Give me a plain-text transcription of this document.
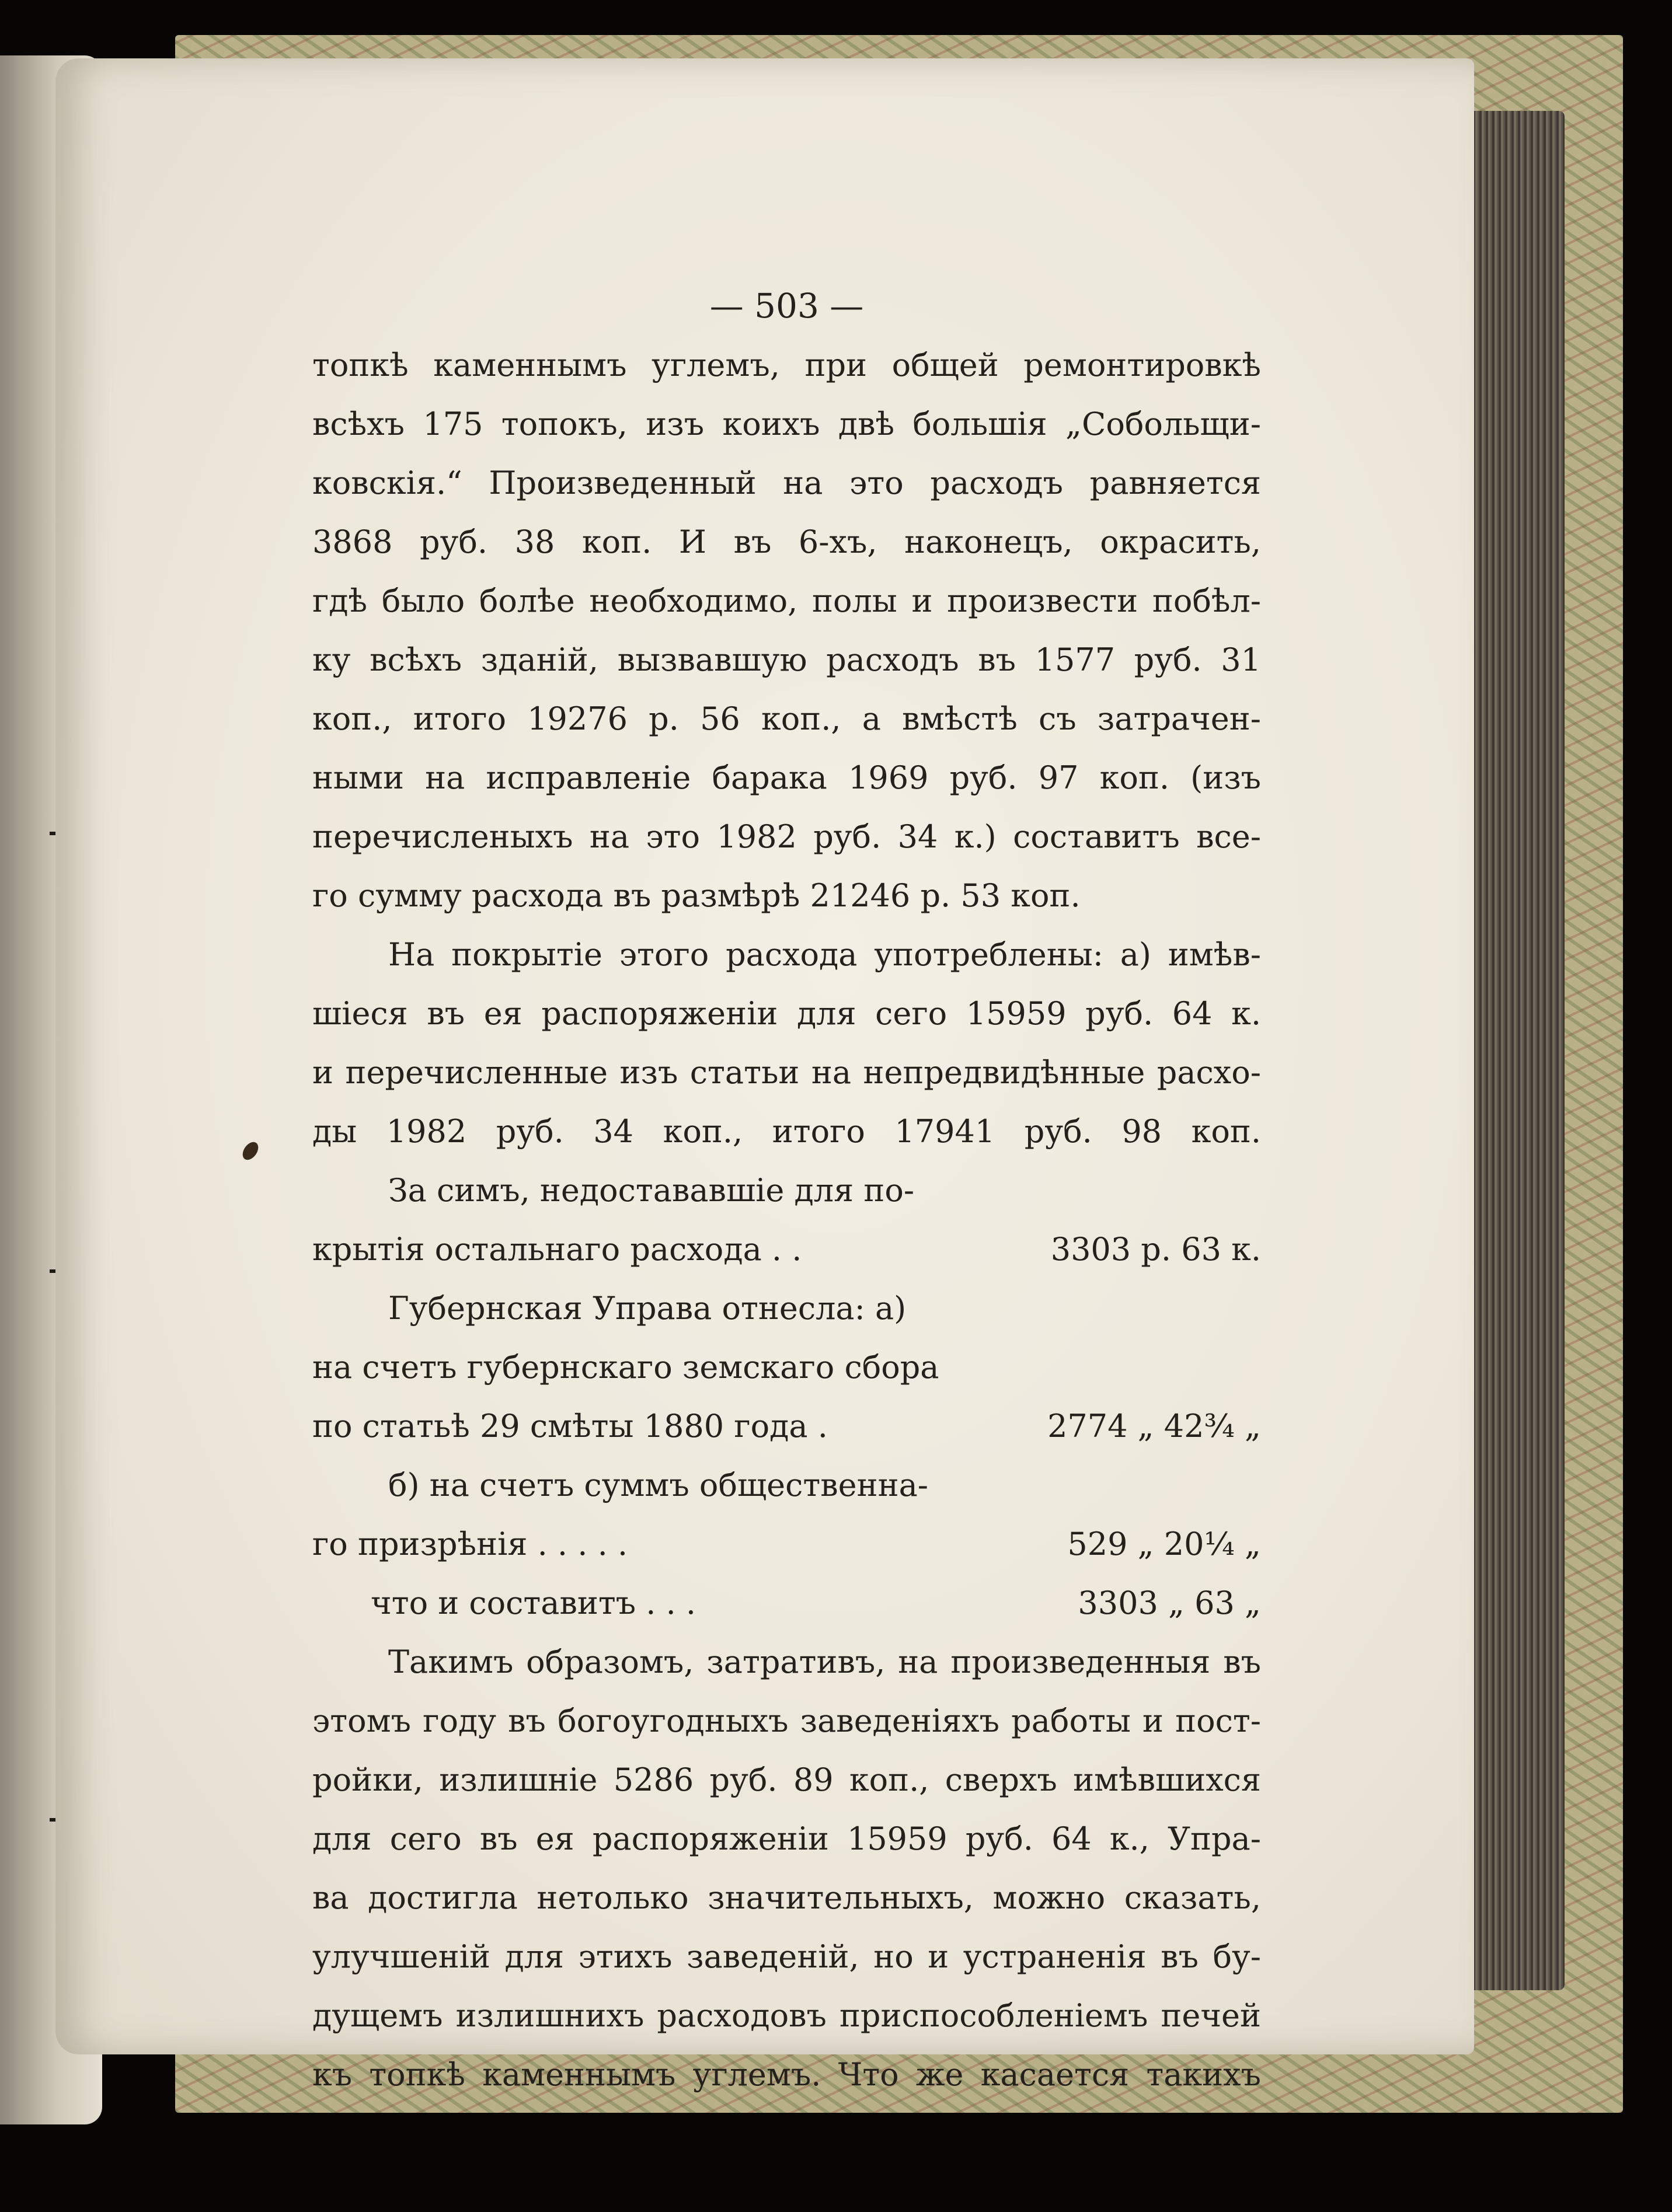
— 503 —
топкѣ каменнымъ углемъ, при общей ремонтировкѣ
всѣхъ 175 топокъ, изъ коихъ двѣ большія „Собольщи-
ковскія.“ Произведенный на это расходъ равняется
3868 руб. 38 коп. И въ 6-хъ, наконецъ, окрасить,
гдѣ было болѣе необходимо, полы и произвести побѣл-
ку всѣхъ зданій, вызвавшую расходъ въ 1577 руб. 31
коп., итого 19276 р. 56 коп., а вмѣстѣ съ затрачен-
ными на исправленіе барака 1969 руб. 97 коп. (изъ
перечисленыхъ на это 1982 руб. 34 к.) составитъ все-
го сумму расхода въ размѣрѣ 21246 р. 53 коп.
На покрытіе этого расхода употреблены: а) имѣв-
шіеся въ ея распоряженіи для сего 15959 руб. 64 к.
и перечисленные изъ статьи на непредвидѣнные расхо-
ды 1982 руб. 34 коп., итого 17941 руб. 98 коп.
За симъ, недостававшіе для по-
крытія остальнаго расхода . .	3303 р. 63 к.
Губернская Управа отнесла: а)
на счетъ губернскаго земскаго сбора
по статьѣ 29 смѣты 1880 года .	2774 „ 42¾ „
б) на счетъ суммъ общественна-
го призрѣнія . . . . .	529 „ 20¼ „
что и составитъ . . .	3303 „ 63 „
Такимъ образомъ, затративъ, на произведенныя въ
этомъ году въ богоугодныхъ заведеніяхъ работы и пост-
ройки, излишніе 5286 руб. 89 коп., сверхъ имѣвшихся
для сего въ ея распоряженіи 15959 руб. 64 к., Упра-
ва достигла нетолько значительныхъ, можно сказать,
улучшеній для этихъ заведеній, но и устраненія въ бу-
дущемъ излишнихъ расходовъ приспособленіемъ печей
къ топкѣ каменнымъ углемъ. Что же касается такихъ
